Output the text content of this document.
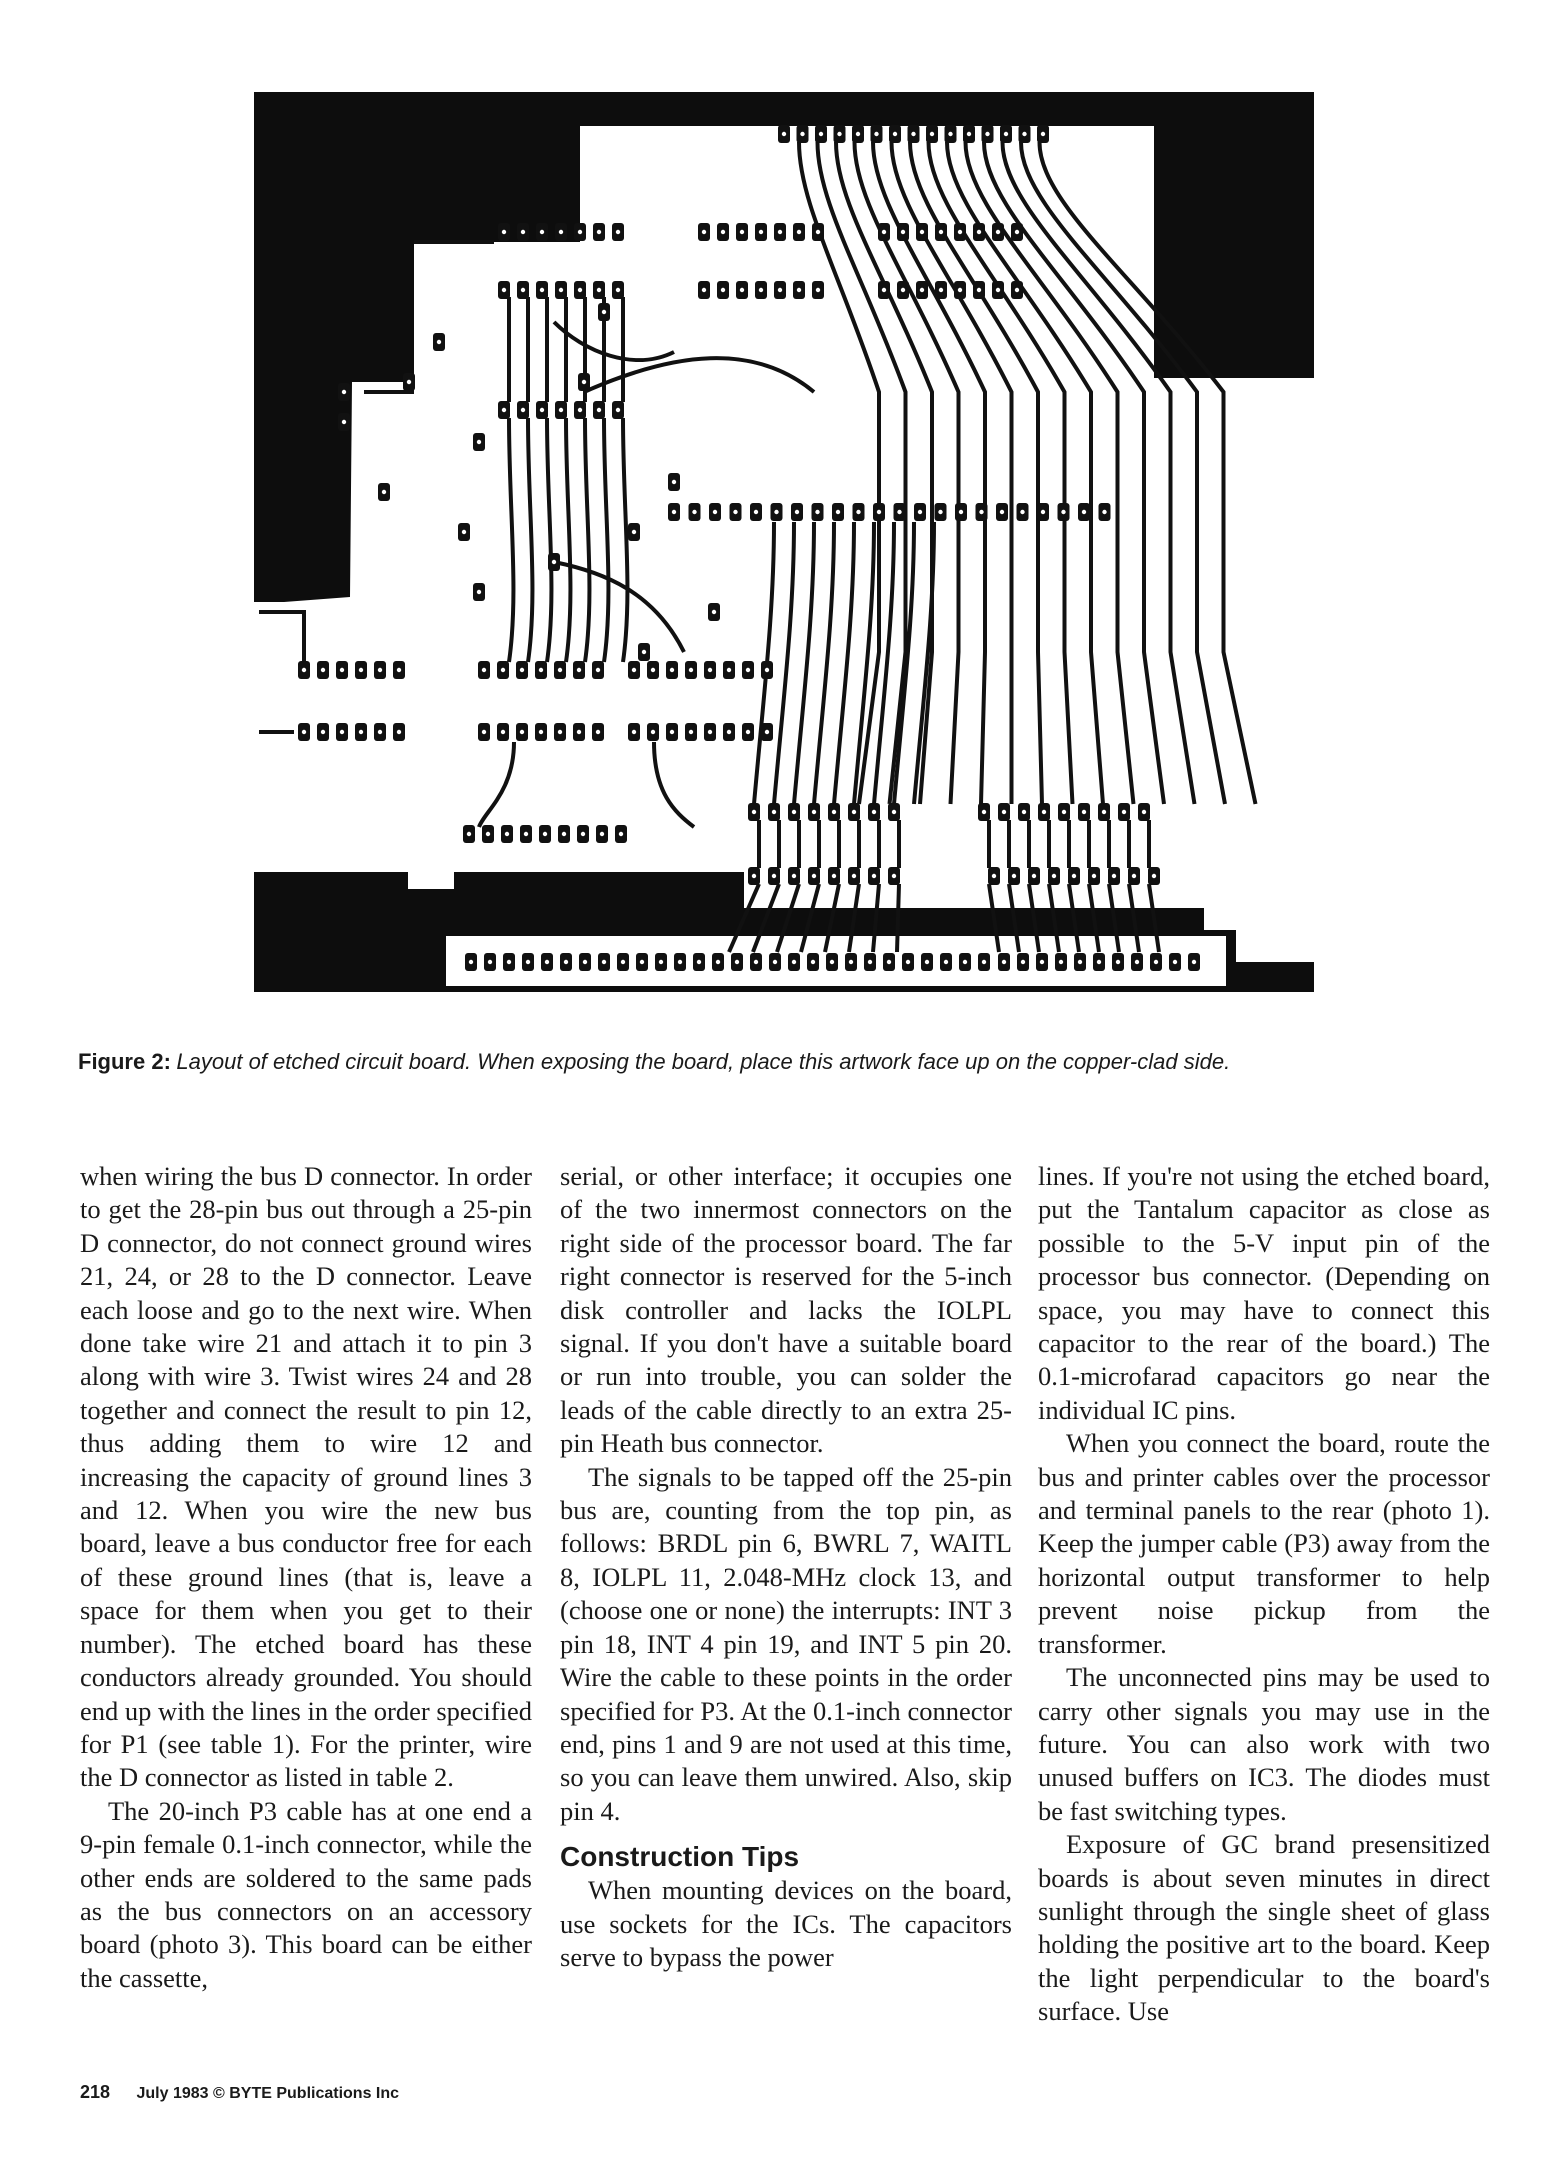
Figure 2: Layout of etched circuit board. When exposing the board, place this artwork face up on the copper-clad side.

when wiring the bus D connector. In order to get the 28-pin bus out through a 25-pin D connector, do not connect ground wires 21, 24, or 28 to the D connector. Leave each loose and go to the next wire. When done take wire 21 and attach it to pin 3 along with wire 3. Twist wires 24 and 28 together and connect the result to pin 12, thus adding them to wire 12 and increasing the capacity of ground lines 3 and 12. When you wire the new bus board, leave a bus conductor free for each of these ground lines (that is, leave a space for them when you get to their number). The etched board has these conductors already grounded. You should end up with the lines in the order specified for P1 (see table 1). For the printer, wire the D connector as listed in table 2.

The 20-inch P3 cable has at one end a 9-pin female 0.1-inch connector, while the other ends are soldered to the same pads as the bus connectors on an accessory board (photo 3). This board can be either the cassette,

serial, or other interface; it occupies one of the two innermost connectors on the right side of the processor board. The far right connector is reserved for the 5-inch disk controller and lacks the IOLPL signal. If you don't have a suitable board or run into trouble, you can solder the leads of the cable directly to an extra 25-pin Heath bus connector.

The signals to be tapped off the 25-pin bus are, counting from the top pin, as follows: BRDL pin 6, BWRL 7, WAITL 8, IOLPL 11, 2.048-MHz clock 13, and (choose one or none) the interrupts: INT 3 pin 18, INT 4 pin 19, and INT 5 pin 20. Wire the cable to these points in the order specified for P3. At the 0.1-inch connector end, pins 1 and 9 are not used at this time, so you can leave them unwired. Also, skip pin 4.

Construction Tips

When mounting devices on the board, use sockets for the ICs. The capacitors serve to bypass the power

lines. If you're not using the etched board, put the Tantalum capacitor as close as possible to the 5-V input pin of the processor bus connector. (Depending on space, you may have to connect this capacitor to the rear of the board.) The 0.1-microfarad capacitors go near the individual IC pins.

When you connect the board, route the bus and printer cables over the processor and terminal panels to the rear (photo 1). Keep the jumper cable (P3) away from the horizontal output transformer to help prevent noise pickup from the transformer.

The unconnected pins may be used to carry other signals you may use in the future. You can also work with two unused buffers on IC3. The diodes must be fast switching types.

Exposure of GC brand presensitized boards is about seven minutes in direct sunlight through the single sheet of glass holding the positive art to the board. Keep the light perpendicular to the board's surface. Use

218 July 1983 © BYTE Publications Inc
